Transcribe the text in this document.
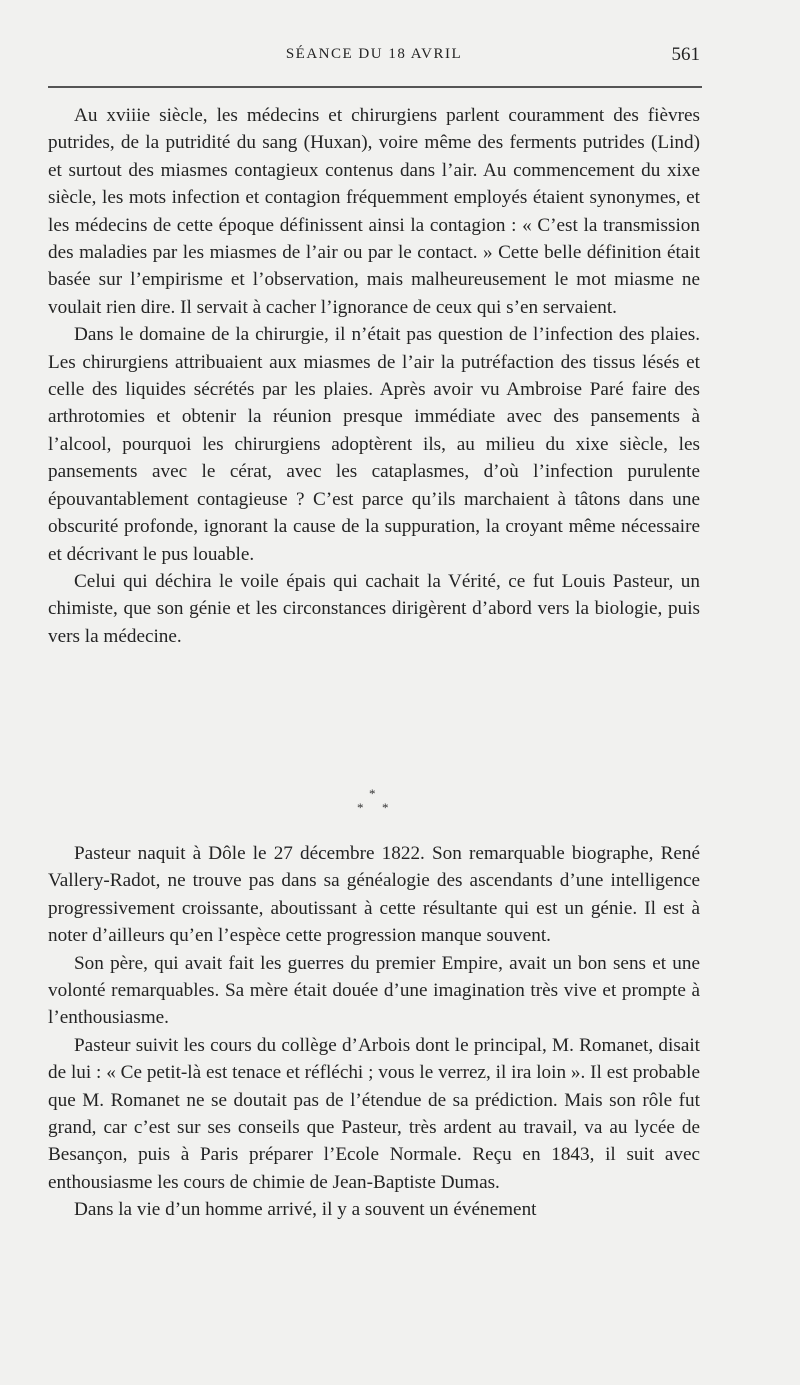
SÉANCE DU 18 AVRIL	561

Au xviiie siècle, les médecins et chirurgiens parlent couramment des fièvres putrides, de la putridité du sang (Huxan), voire même des ferments putrides (Lind) et surtout des miasmes contagieux contenus dans l’air. Au commencement du xixe siècle, les mots infection et contagion fréquemment employés étaient synonymes, et les médecins de cette époque définissent ainsi la contagion : « C’est la transmission des maladies par les miasmes de l’air ou par le contact. » Cette belle définition était basée sur l’empirisme et l’observation, mais malheureusement le mot miasme ne voulait rien dire. Il servait à cacher l’ignorance de ceux qui s’en servaient.

Dans le domaine de la chirurgie, il n’était pas question de l’infection des plaies. Les chirurgiens attribuaient aux miasmes de l’air la putréfaction des tissus lésés et celle des liquides sécrétés par les plaies. Après avoir vu Ambroise Paré faire des arthrotomies et obtenir la réunion presque immédiate avec des pansements à l’alcool, pourquoi les chirurgiens adoptèrent ils, au milieu du xixe siècle, les pansements avec le cérat, avec les cataplasmes, d’où l’infection purulente épouvantablement contagieuse ? C’est parce qu’ils marchaient à tâtons dans une obscurité profonde, ignorant la cause de la suppuration, la croyant même nécessaire et décrivant le pus louable.

Celui qui déchira le voile épais qui cachait la Vérité, ce fut Louis Pasteur, un chimiste, que son génie et les circonstances dirigèrent d’abord vers la biologie, puis vers la médecine.

*
* *

Pasteur naquit à Dôle le 27 décembre 1822. Son remarquable biographe, René Vallery-Radot, ne trouve pas dans sa généalogie des ascendants d’une intelligence progressivement croissante, aboutissant à cette résultante qui est un génie. Il est à noter d’ailleurs qu’en l’espèce cette progression manque souvent.

Son père, qui avait fait les guerres du premier Empire, avait un bon sens et une volonté remarquables. Sa mère était douée d’une imagination très vive et prompte à l’enthousiasme.

Pasteur suivit les cours du collège d’Arbois dont le principal, M. Romanet, disait de lui : « Ce petit-là est tenace et réfléchi ; vous le verrez, il ira loin ». Il est probable que M. Romanet ne se doutait pas de l’étendue de sa prédiction. Mais son rôle fut grand, car c’est sur ses conseils que Pasteur, très ardent au travail, va au lycée de Besançon, puis à Paris préparer l’Ecole Normale. Reçu en 1843, il suit avec enthousiasme les cours de chimie de Jean-Baptiste Dumas.

Dans la vie d’un homme arrivé, il y a souvent un événement
